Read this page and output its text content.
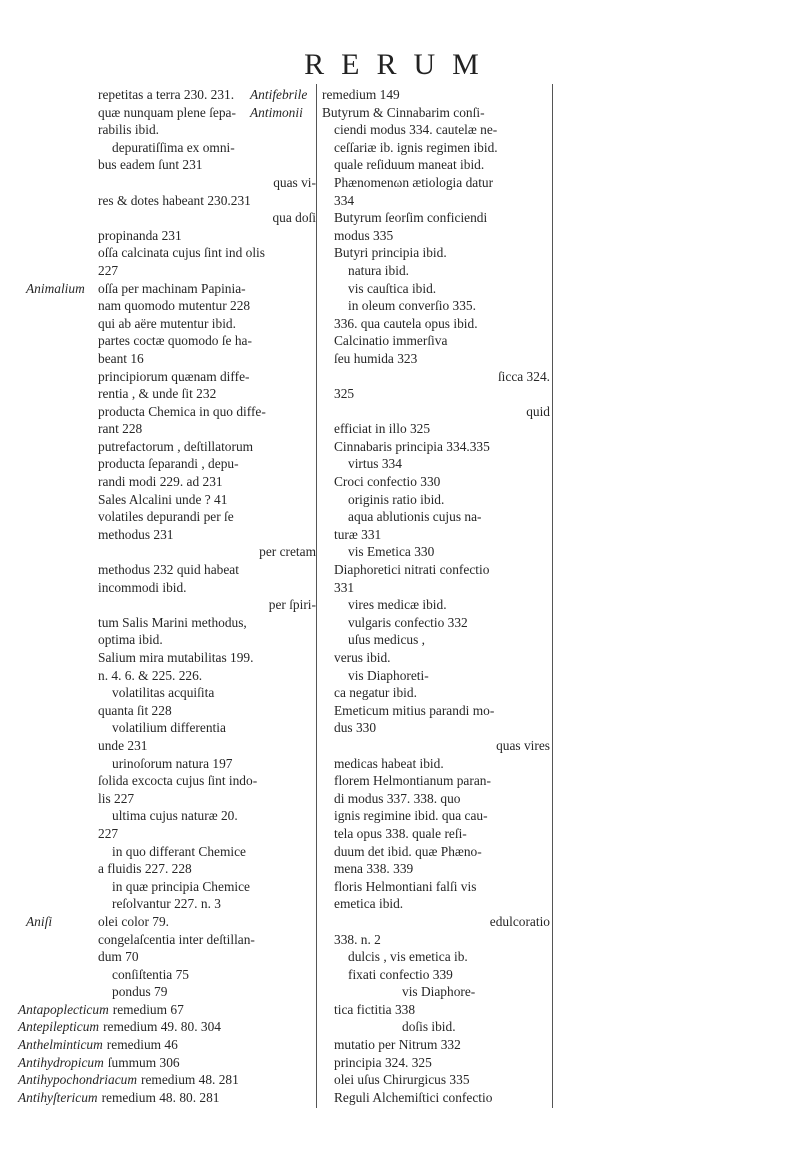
RERUM
repetitas a terra 230. 231.
quæ nunquam plene ſepa-
rabilis ibid.
depuratiſſima ex omni-
bus eadem ſunt 231
quas vi-
res & dotes habeant 230.231
qua doſi
propinanda 231
oſſa calcinata cujus ſint ind olis
227
Animalium oſſa per machinam Papinia-
nam quomodo mutentur 228
qui ab aëre mutentur ibid.
partes coctæ quomodo ſe ha-
beant 16
principiorum quænam diffe-
rentia , & unde ſit 232
producta Chemica in quo diffe-
rant 228
putrefactorum , deſtillatorum
producta ſeparandi , depu-
randi modi 229. ad 231
Sales Alcalini unde ? 41
volatiles depurandi per ſe
methodus 231
per cretam
methodus 232 quid habeat
incommodi ibid.
per ſpiri-
tum Salis Marini methodus,
optima ibid.
Salium mira mutabilitas 199.
n. 4. 6. & 225. 226.
volatilitas acquiſita
quanta ſit 228
volatilium differentia
unde 231
urinoſorum natura 197
ſolida excocta cujus ſint indo-
lis 227
ultima cujus naturæ 20.
227
in quo differant Chemice
a fluidis 227. 228
in quæ principia Chemice
reſolvantur 227. n. 3
Aniſi	olei color 79.
congelaſcentia inter deſtillan-
dum 70
conſiſtentia 75
pondus 79
Antapoplecticum remedium 67
Antepilepticum remedium 49. 80. 304
Anthelminticum remedium 46
Antihydropicum ſummum 306
Antihypochondriacum remedium 48. 281
Antihyſtericum remedium 48. 80. 281
Antifebrile remedium 149
Antimonii Butyrum & Cinnabarim conſi-
ciendi modus 334. cautelæ ne-
ceſſariæ ib. ignis regimen ibid.
quale reſiduum maneat ibid.
Phænomenωn ætiologia datur
334
Butyrum ſeorſim conficiendi
modus 335
Butyri principia ibid.
natura ibid.
vis cauſtica ibid.
in oleum converſio 335.
336. qua cautela opus ibid.
Calcinatio immerſiva
ſeu humida 323
ſicca 324.
325
quid
efficiat in illo 325
Cinnabaris principia 334.335
virtus 334
Croci confectio 330
originis ratio ibid.
aqua ablutionis cujus na-
turæ 331
vis Emetica 330
Diaphoretici nitrati confectio
331
vires medicæ ibid.
vulgaris confectio 332
uſus medicus ,
verus ibid.
vis Diaphoreti-
ca negatur ibid.
Emeticum mitius parandi mo-
dus 330
quas vires
medicas habeat ibid.
florem Helmontianum paran-
di modus 337. 338. quo
ignis regimine ibid. qua cau-
tela opus 338. quale reſi-
duum det ibid. quæ Phæno-
mena 338. 339
floris Helmontiani falſi vis
emetica ibid.
edulcoratio
338. n. 2
dulcis , vis emetica ib.
fixati confectio 339
vis Diaphore-
tica fictitia 338
doſis ibid.
mutatio per Nitrum 332
principia 324. 325
olei uſus Chirurgicus 335
Reguli Alchemiſtici confectio
